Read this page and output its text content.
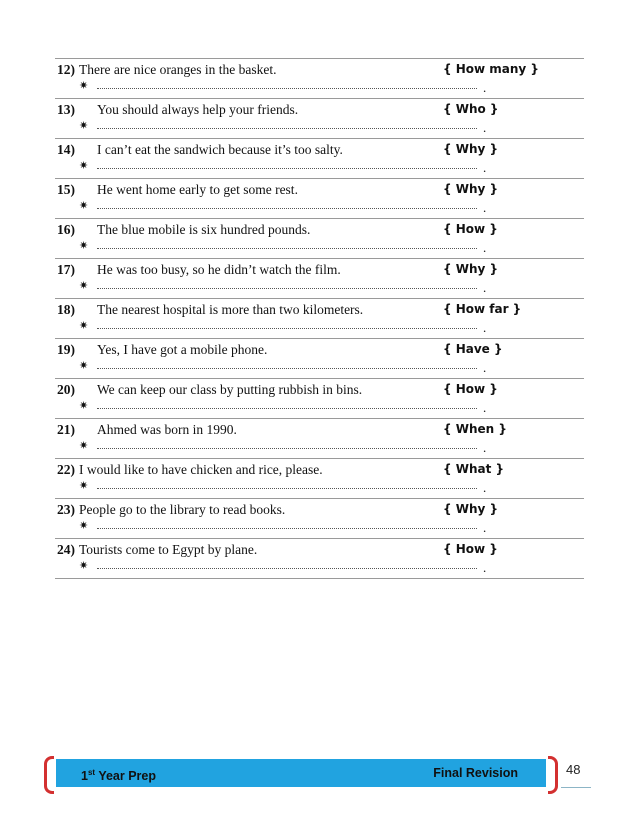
12) There are nice oranges in the basket.	{ How many }
✷	.
13) You should always help your friends.	{ Who }
✷	.
14) I can’t eat the sandwich because it’s too salty.	{ Why }
✷	.
15) He went home early to get some rest.	{ Why }
✷	.
16) The blue mobile is six hundred pounds.	{ How }
✷	.
17) He was too busy, so he didn’t watch the film.	{ Why }
✷	.
18) The nearest hospital is more than two kilometers.	{ How far }
✷	.
19) Yes, I have got a mobile phone.	{ Have }
✷	.
20) We can keep our class by putting rubbish in bins.	{ How }
✷	.
21) Ahmed was born in 1990.	{ When }
✷	.
22) I would like to have chicken and rice, please.	{ What }
✷	.
23) People go to the library to read books.	{ Why }
✷	.
24) Tourists come to Egypt by plane.	{ How }
✷	.
1st Year Prep	Final Revision	48
